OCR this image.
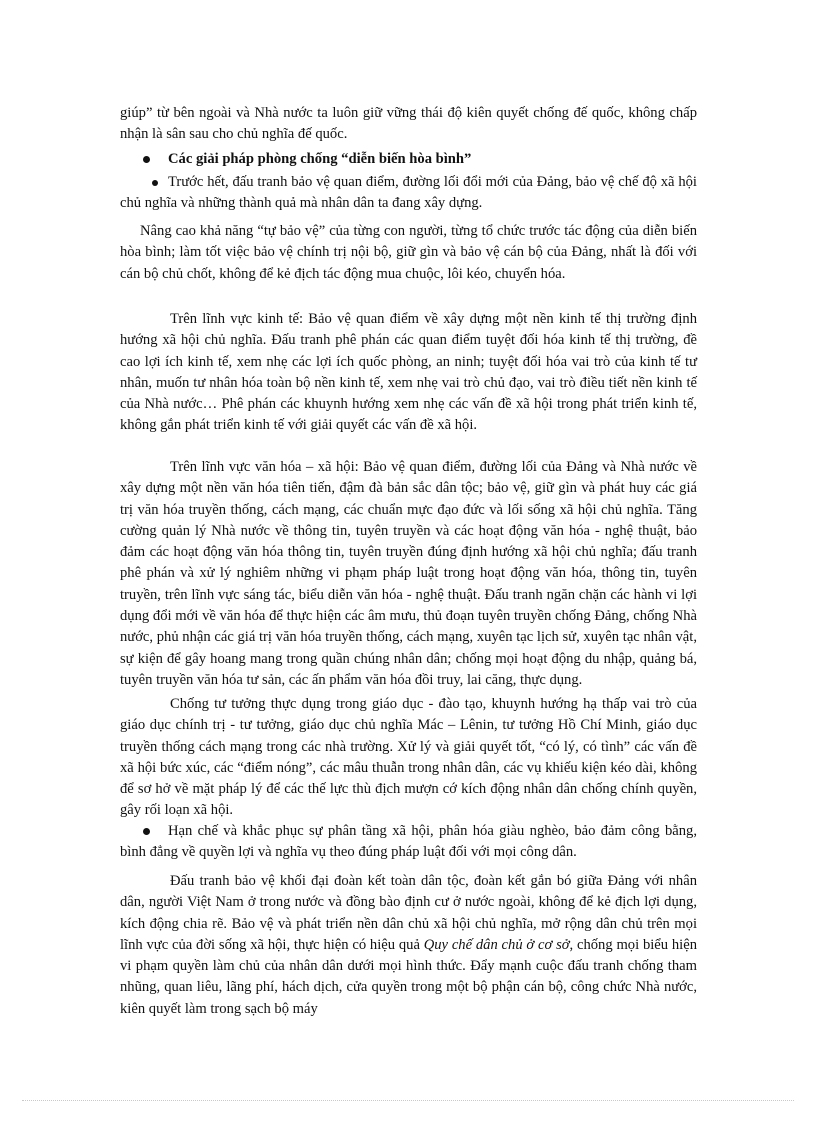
giúp” từ bên ngoài và Nhà nước ta luôn giữ vững thái độ kiên quyết chống đế quốc, không chấp nhận là sân sau cho chủ nghĩa đế quốc.
Các giải pháp phòng chống “diễn biến hòa bình”
Trước hết, đấu tranh bảo vệ quan điểm, đường lối đổi mới của Đảng, bảo vệ chế độ xã hội chủ nghĩa và những thành quả mà nhân dân ta đang xây dựng.
Nâng cao khả năng “tự bảo vệ” của từng con người, từng tổ chức trước tác động của diễn biến hòa bình; làm tốt việc bảo vệ chính trị nội bộ, giữ gìn và bảo vệ cán bộ của Đảng, nhất là đối với cán bộ chủ chốt, không để kẻ địch tác động mua chuộc, lôi kéo, chuyển hóa.
Trên lĩnh vực kinh tế: Bảo vệ quan điểm về xây dựng một nền kinh tế thị trường định hướng xã hội chủ nghĩa. Đấu tranh phê phán các quan điểm tuyệt đối hóa kinh tế thị trường, đề cao lợi ích kinh tế, xem nhẹ các lợi ích quốc phòng, an ninh; tuyệt đối hóa vai trò của kinh tế tư nhân, muốn tư nhân hóa toàn bộ nền kinh tế, xem nhẹ vai trò chủ đạo, vai trò điều tiết nền kinh tế của Nhà nước… Phê phán các khuynh hướng xem nhẹ các vấn đề xã hội trong phát triển kinh tế, không gắn phát triển kinh tế với giải quyết các vấn đề xã hội.
Trên lĩnh vực văn hóa – xã hội: Bảo vệ quan điểm, đường lối của Đảng và Nhà nước về xây dựng một nền văn hóa tiên tiến, đậm đà bản sắc dân tộc; bảo vệ, giữ gìn và phát huy các giá trị văn hóa truyền thống, cách mạng, các chuẩn mực đạo đức và lối sống xã hội chủ nghĩa. Tăng cường quản lý Nhà nước về thông tin, tuyên truyền và các hoạt động văn hóa - nghệ thuật, bảo đảm các hoạt động văn hóa thông tin, tuyên truyền đúng định hướng xã hội chủ nghĩa; đấu tranh phê phán và xử lý nghiêm những vi phạm pháp luật trong hoạt động văn hóa, thông tin, tuyên truyền, trên lĩnh vực sáng tác, biểu diễn văn hóa - nghệ thuật. Đấu tranh ngăn chặn các hành vi lợi dụng đổi mới về văn hóa để thực hiện các âm mưu, thủ đoạn tuyên truyền chống Đảng, chống Nhà nước, phủ nhận các giá trị văn hóa truyền thống, cách mạng, xuyên tạc lịch sử, xuyên tạc nhân vật, sự kiện để gây hoang mang trong quần chúng nhân dân; chống mọi hoạt động du nhập, quảng bá, tuyên truyền văn hóa tư sản, các ấn phẩm văn hóa đồi truy, lai căng, thực dụng.
Chống tư tưởng thực dụng trong giáo dục - đào tạo, khuynh hướng hạ thấp vai trò của giáo dục chính trị - tư tưởng, giáo dục chủ nghĩa Mác – Lênin, tư tưởng Hồ Chí Minh, giáo dục truyền thống cách mạng trong các nhà trường. Xử lý và giải quyết tốt, “có lý, có tình” các vấn đề xã hội bức xúc, các “điểm nóng”, các mâu thuẫn trong nhân dân, các vụ khiếu kiện kéo dài, không để sơ hở về mặt pháp lý để các thế lực thù địch mượn cớ kích động nhân dân chống chính quyền, gây rối loạn xã hội.
Hạn chế và khắc phục sự phân tầng xã hội, phân hóa giàu nghèo, bảo đảm công bằng, bình đẳng về quyền lợi và nghĩa vụ theo đúng pháp luật đối với mọi công dân.
Đấu tranh bảo vệ khối đại đoàn kết toàn dân tộc, đoàn kết gắn bó giữa Đảng với nhân dân, người Việt Nam ở trong nước và đồng bào định cư ở nước ngoài, không để kẻ địch lợi dụng, kích động chia rẽ. Bảo vệ và phát triển nền dân chủ xã hội chủ nghĩa, mở rộng dân chủ trên mọi lĩnh vực của đời sống xã hội, thực hiện có hiệu quả Quy chế dân chủ ở cơ sở, chống mọi biểu hiện vi phạm quyền làm chủ của nhân dân dưới mọi hình thức. Đẩy mạnh cuộc đấu tranh chống tham nhũng, quan liêu, lãng phí, hách dịch, cửa quyền trong một bộ phận cán bộ, công chức Nhà nước, kiên quyết làm trong sạch bộ máy
